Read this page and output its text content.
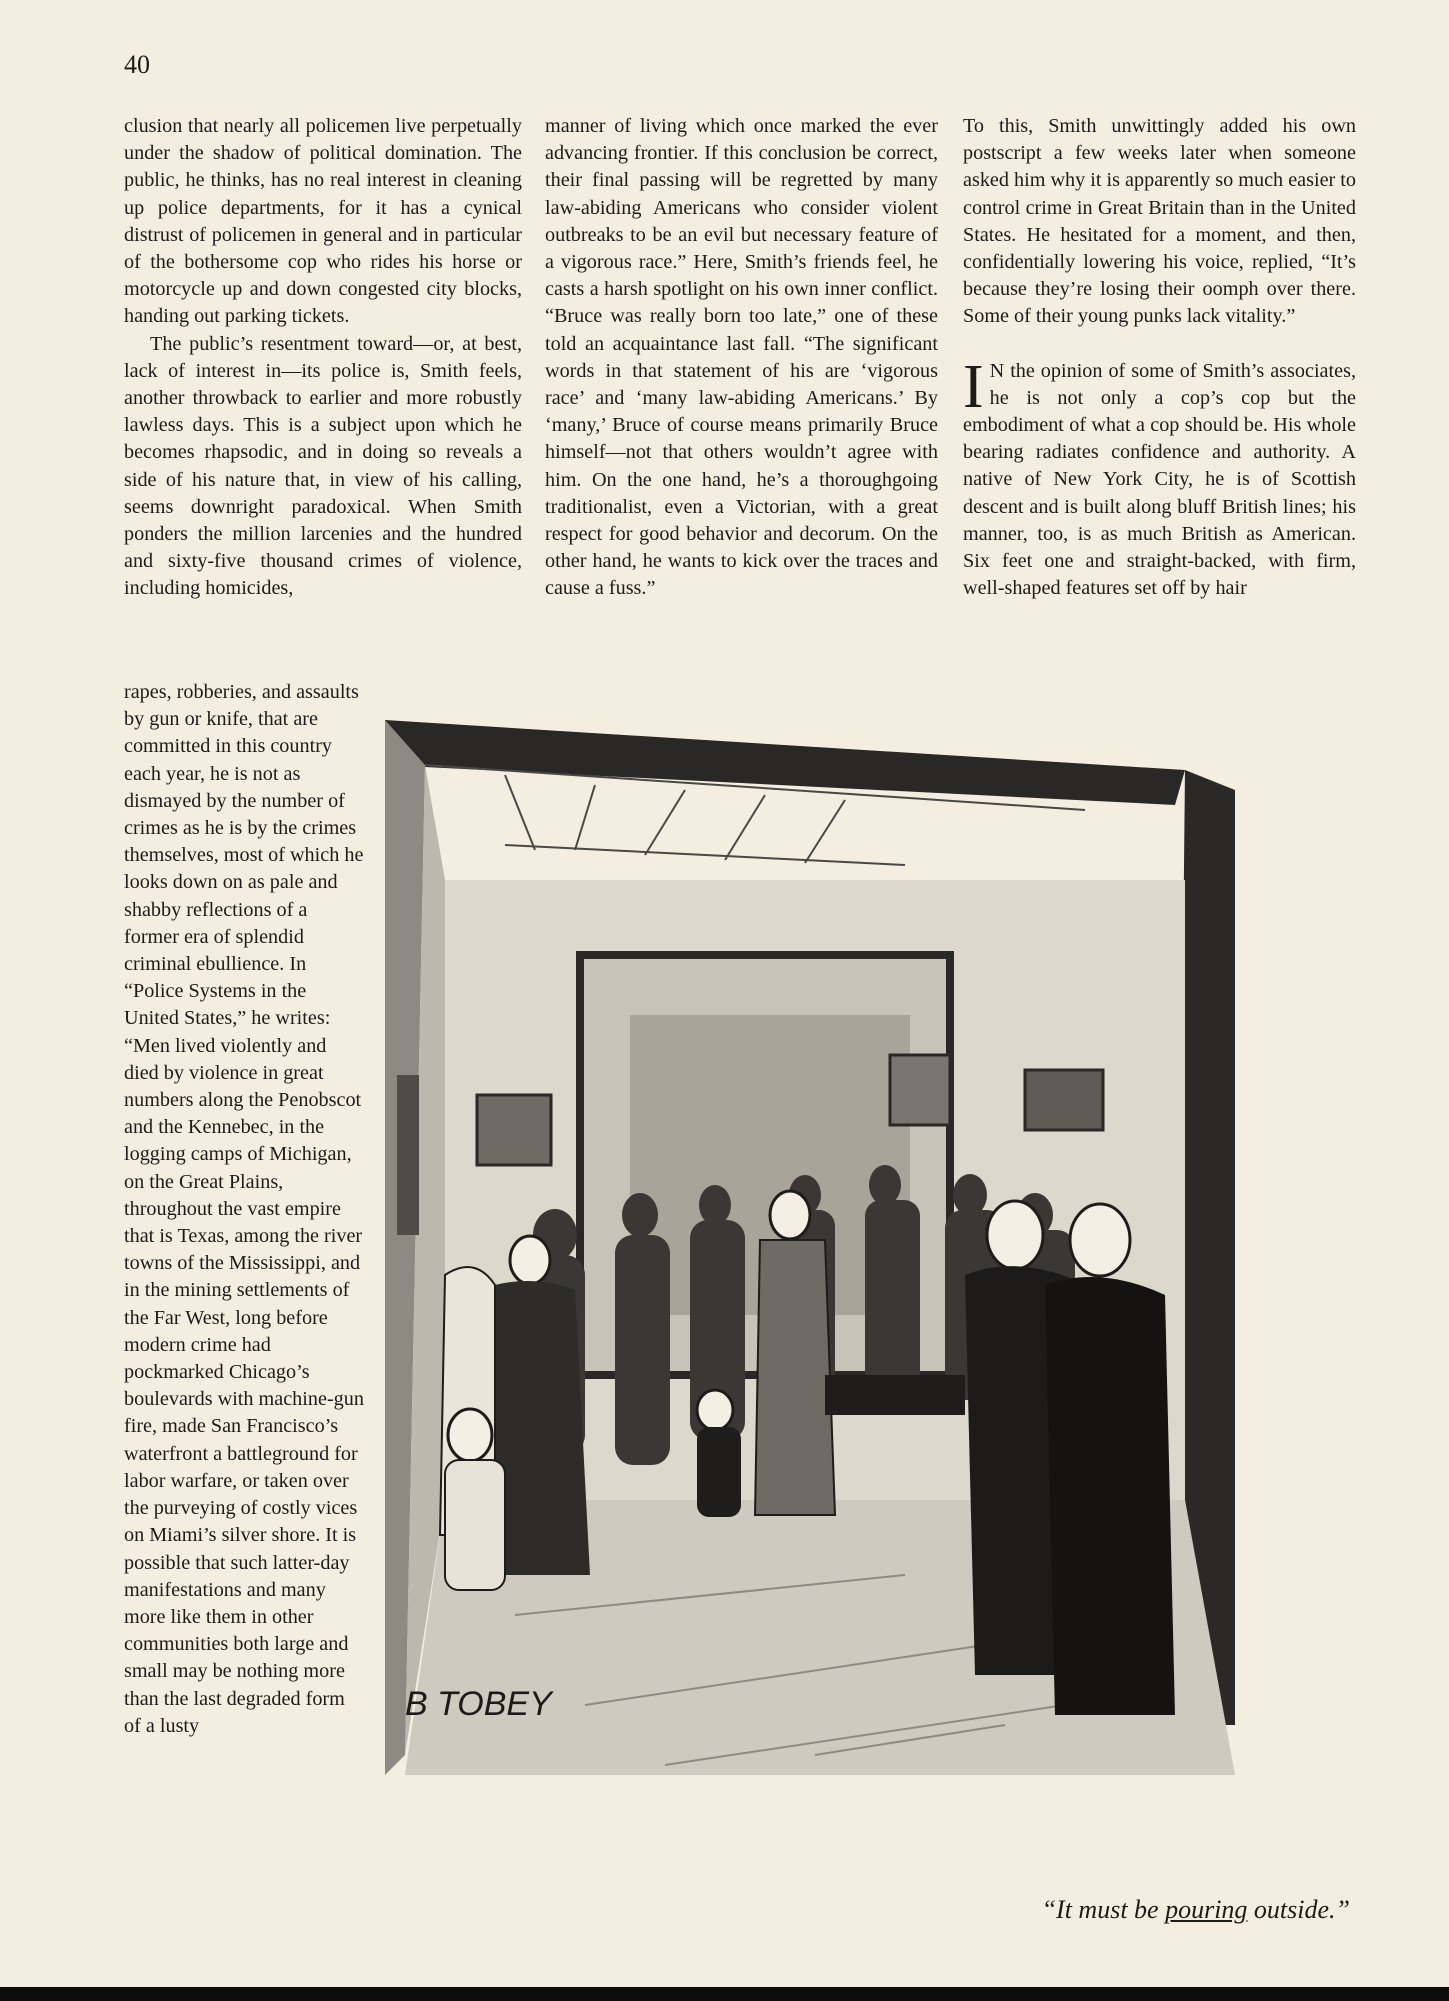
40

clusion that nearly all policemen live perpetually under the shadow of political domination. The public, he thinks, has no real interest in cleaning up police departments, for it has a cynical distrust of policemen in general and in particular of the bothersome cop who rides his horse or motorcycle up and down congested city blocks, handing out parking tickets.

The public’s resentment toward—or, at best, lack of interest in—its police is, Smith feels, another throwback to earlier and more robustly lawless days. This is a subject upon which he becomes rhapsodic, and in doing so reveals a side of his nature that, in view of his calling, seems downright paradoxical. When Smith ponders the million larcenies and the hundred and sixty-five thousand crimes of violence, including homicides,

rapes, robberies, and assaults by gun or knife, that are committed in this country each year, he is not as dismayed by the number of crimes as he is by the crimes themselves, most of which he looks down on as pale and shabby reflections of a former era of splendid criminal ebullience. In “Police Systems in the United States,” he writes: “Men lived violently and died by violence in great numbers along the Penobscot and the Kennebec, in the logging camps of Michigan, on the Great Plains, throughout the vast empire that is Texas, among the river towns of the Mississippi, and in the mining settlements of the Far West, long before modern crime had pockmarked Chicago’s boulevards with machine-gun fire, made San Francisco’s waterfront a battleground for labor warfare, or taken over the purveying of costly vices on Miami’s silver shore. It is possible that such latter-day manifestations and many more like them in other communities both large and small may be nothing more than the last degraded form of a lusty

manner of living which once marked the ever advancing frontier. If this conclusion be correct, their final passing will be regretted by many law-abiding Americans who consider violent outbreaks to be an evil but necessary feature of a vigorous race.” Here, Smith’s friends feel, he casts a harsh spotlight on his own inner conflict. “Bruce was really born too late,” one of these told an acquaintance last fall. “The significant words in that statement of his are ‘vigorous race’ and ‘many law-abiding Americans.’ By ‘many,’ Bruce of course means primarily Bruce himself—not that others wouldn’t agree with him. On the one hand, he’s a thoroughgoing traditionalist, even a Victorian, with a great respect for good behavior and decorum. On the other hand, he wants to kick over the traces and cause a fuss.”

To this, Smith unwittingly added his own postscript a few weeks later when someone asked him why it is apparently so much easier to control crime in Great Britain than in the United States. He hesitated for a moment, and then, confidentially lowering his voice, replied, “It’s because they’re losing their oomph over there. Some of their young punks lack vitality.”

I N the opinion of some of Smith’s associates, he is not only a cop’s cop but the embodiment of what a cop should be. His whole bearing radiates confidence and authority. A native of New York City, he is of Scottish descent and is built along bluff British lines; his manner, too, is as much British as American. Six feet one and straight-backed, with firm, well-shaped features set off by hair

B TOBEY
“It must be pouring outside.”
